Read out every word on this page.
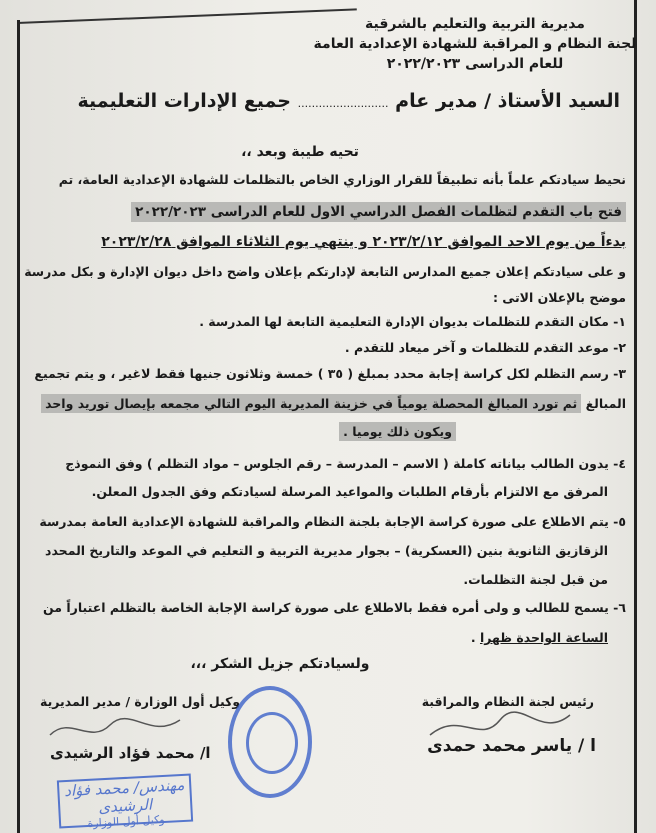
مديرية التربية والتعليم بالشرقية
لجنة النظام و المراقبة للشهادة الإعدادية العامة
للعام الدراسى ٢٠٢٢/٢٠٢٣
السيد الأستاذ / مدير عام .......................... جميع الإدارات التعليمية
تحيه طيبة وبعد ،،
نحيط سيادتكم علماً بأنه تطبيقاً للقرار الوزاري الخاص بالتظلمات للشهادة الإعدادية العامة، تم
فتح باب التقدم لتظلمات الفصل الدراسي الاول للعام الدراسى ٢٠٢٢/٢٠٢٣
بدءاً من يوم الاحد الموافق ٢٠٢٣/٢/١٢ و ينتهي يوم الثلاثاء الموافق ٢٠٢٣/٢/٢٨
و على سيادتكم إعلان جميع المدارس التابعة لإدارتكم بإعلان واضح داخل ديوان الإدارة و بكل مدرسة
موضح بالإعلان الاتى :
١- مكان التقدم للتظلمات بديوان الإدارة التعليمية التابعة لها المدرسة .
٢- موعد التقدم للتظلمات و آخر ميعاد للتقدم .
٣- رسم التظلم لكل كراسة إجابة محدد بمبلغ ( ٣٥ ) خمسة وثلاثون جنيها فقط لاغير ، و يتم تجميع
المبالغ ثم تورد المبالغ المحصلة يومياً في خزينة المديرية اليوم التالي مجمعه بإيصال توريد واحد
ويكون ذلك يوميا .
٤- يدون الطالب بياناته كاملة ( الاسم – المدرسة – رقم الجلوس – مواد التظلم ) وفق النموذج
المرفق مع الالتزام بأرقام الطلبات والمواعيد المرسلة لسيادتكم وفق الجدول المعلن.
٥- يتم الاطلاع على صورة كراسة الإجابة بلجنة النظام والمراقبة للشهادة الإعدادية العامة بمدرسة
الزقازيق الثانوية بنين (العسكرية) – بجوار مديرية التربية و التعليم في الموعد والتاريخ المحدد
من قبل لجنة التظلمات.
٦- يسمح للطالب و ولى أمره فقط بالاطلاع على صورة كراسة الإجابة الخاصة بالتظلم اعتباراً من
الساعة الواحدة ظهرا .
ولسيادتكم جزيل الشكر ،،،
رئيس لجنة النظام والمراقبة
ا / ياسر محمد حمدى
وكيل أول الوزارة / مدير المديرية
ا/ محمد فؤاد الرشيدى
مهندس/ محمد فؤاد الرشيدى
وكيل أول الوزارة
